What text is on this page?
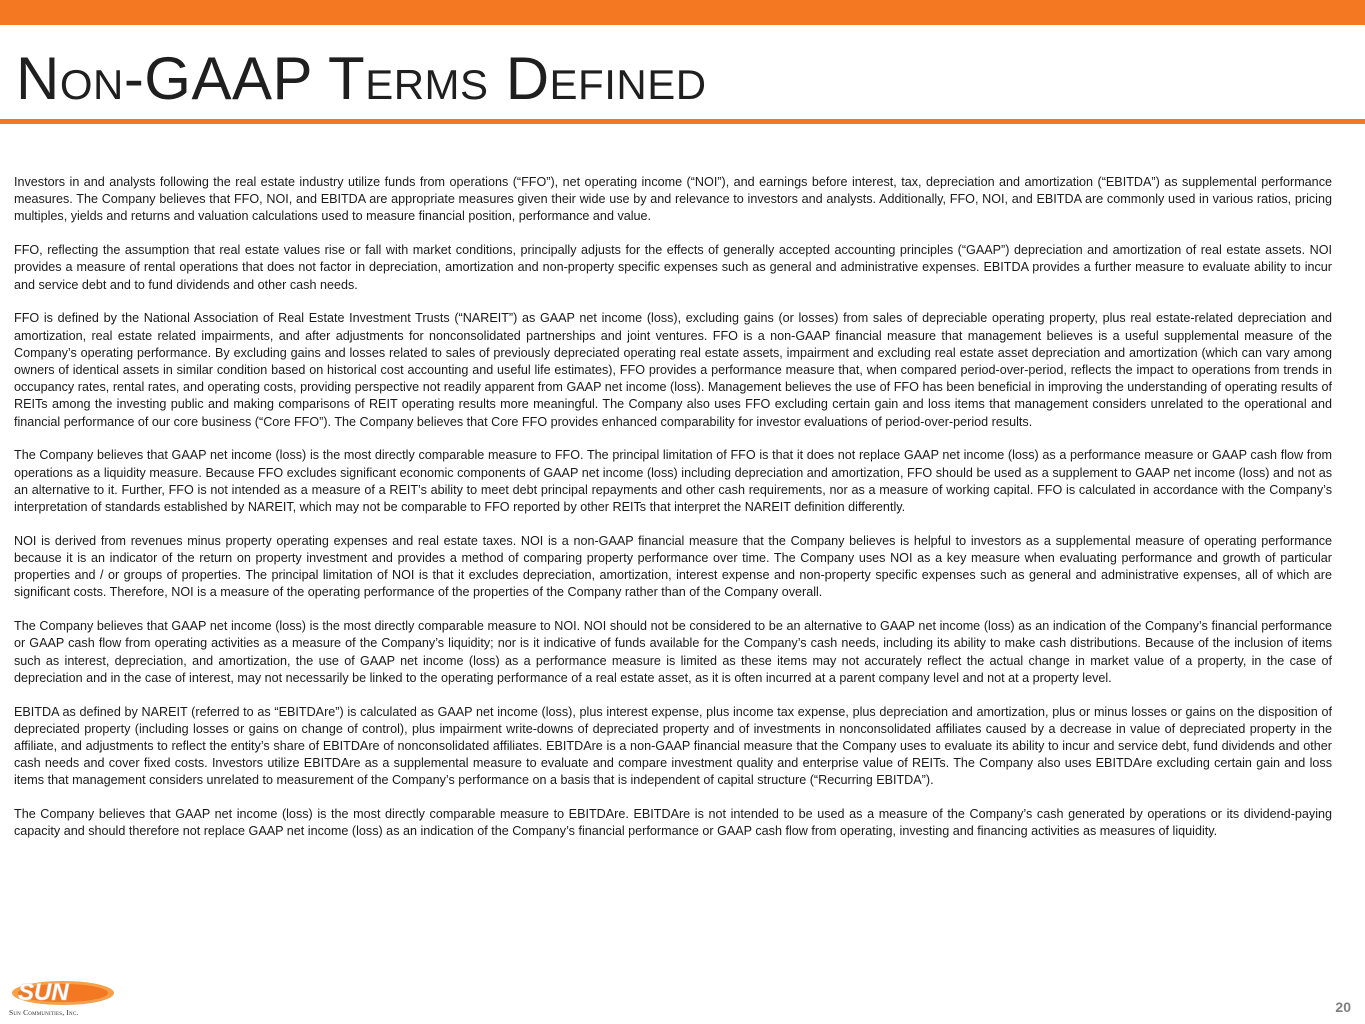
Non-GAAP Terms Defined

Investors in and analysts following the real estate industry utilize funds from operations (“FFO”), net operating income (“NOI”), and earnings before interest, tax, depreciation and amortization (“EBITDA”) as supplemental performance measures. The Company believes that FFO, NOI, and EBITDA are appropriate measures given their wide use by and relevance to investors and analysts. Additionally, FFO, NOI, and EBITDA are commonly used in various ratios, pricing multiples, yields and returns and valuation calculations used to measure financial position, performance and value.

FFO, reflecting the assumption that real estate values rise or fall with market conditions, principally adjusts for the effects of generally accepted accounting principles (“GAAP”) depreciation and amortization of real estate assets. NOI provides a measure of rental operations that does not factor in depreciation, amortization and non-property specific expenses such as general and administrative expenses. EBITDA provides a further measure to evaluate ability to incur and service debt and to fund dividends and other cash needs.

FFO is defined by the National Association of Real Estate Investment Trusts (“NAREIT”) as GAAP net income (loss), excluding gains (or losses) from sales of depreciable operating property, plus real estate-related depreciation and amortization, real estate related impairments, and after adjustments for nonconsolidated partnerships and joint ventures. FFO is a non-GAAP financial measure that management believes is a useful supplemental measure of the Company’s operating performance. By excluding gains and losses related to sales of previously depreciated operating real estate assets, impairment and excluding real estate asset depreciation and amortization (which can vary among owners of identical assets in similar condition based on historical cost accounting and useful life estimates), FFO provides a performance measure that, when compared period-over-period, reflects the impact to operations from trends in occupancy rates, rental rates, and operating costs, providing perspective not readily apparent from GAAP net income (loss). Management believes the use of FFO has been beneficial in improving the understanding of operating results of REITs among the investing public and making comparisons of REIT operating results more meaningful. The Company also uses FFO excluding certain gain and loss items that management considers unrelated to the operational and financial performance of our core business (“Core FFO”). The Company believes that Core FFO provides enhanced comparability for investor evaluations of period-over-period results.

The Company believes that GAAP net income (loss) is the most directly comparable measure to FFO. The principal limitation of FFO is that it does not replace GAAP net income (loss) as a performance measure or GAAP cash flow from operations as a liquidity measure. Because FFO excludes significant economic components of GAAP net income (loss) including depreciation and amortization, FFO should be used as a supplement to GAAP net income (loss) and not as an alternative to it. Further, FFO is not intended as a measure of a REIT’s ability to meet debt principal repayments and other cash requirements, nor as a measure of working capital. FFO is calculated in accordance with the Company’s interpretation of standards established by NAREIT, which may not be comparable to FFO reported by other REITs that interpret the NAREIT definition differently.

NOI is derived from revenues minus property operating expenses and real estate taxes. NOI is a non-GAAP financial measure that the Company believes is helpful to investors as a supplemental measure of operating performance because it is an indicator of the return on property investment and provides a method of comparing property performance over time. The Company uses NOI as a key measure when evaluating performance and growth of particular properties and / or groups of properties. The principal limitation of NOI is that it excludes depreciation, amortization, interest expense and non-property specific expenses such as general and administrative expenses, all of which are significant costs. Therefore, NOI is a measure of the operating performance of the properties of the Company rather than of the Company overall.

The Company believes that GAAP net income (loss) is the most directly comparable measure to NOI. NOI should not be considered to be an alternative to GAAP net income (loss) as an indication of the Company’s financial performance or GAAP cash flow from operating activities as a measure of the Company’s liquidity; nor is it indicative of funds available for the Company’s cash needs, including its ability to make cash distributions. Because of the inclusion of items such as interest, depreciation, and amortization, the use of GAAP net income (loss) as a performance measure is limited as these items may not accurately reflect the actual change in market value of a property, in the case of depreciation and in the case of interest, may not necessarily be linked to the operating performance of a real estate asset, as it is often incurred at a parent company level and not at a property level.

EBITDA as defined by NAREIT (referred to as “EBITDAre”) is calculated as GAAP net income (loss), plus interest expense, plus income tax expense, plus depreciation and amortization, plus or minus losses or gains on the disposition of depreciated property (including losses or gains on change of control), plus impairment write-downs of depreciated property and of investments in nonconsolidated affiliates caused by a decrease in value of depreciated property in the affiliate, and adjustments to reflect the entity’s share of EBITDAre of nonconsolidated affiliates. EBITDAre is a non-GAAP financial measure that the Company uses to evaluate its ability to incur and service debt, fund dividends and other cash needs and cover fixed costs. Investors utilize EBITDAre as a supplemental measure to evaluate and compare investment quality and enterprise value of REITs. The Company also uses EBITDAre excluding certain gain and loss items that management considers unrelated to measurement of the Company’s performance on a basis that is independent of capital structure (“Recurring EBITDA”).

The Company believes that GAAP net income (loss) is the most directly comparable measure to EBITDAre. EBITDAre is not intended to be used as a measure of the Company’s cash generated by operations or its dividend-paying capacity and should therefore not replace GAAP net income (loss) as an indication of the Company’s financial performance or GAAP cash flow from operating, investing and financing activities as measures of liquidity.

SUN
Sun Communities, Inc.	20
